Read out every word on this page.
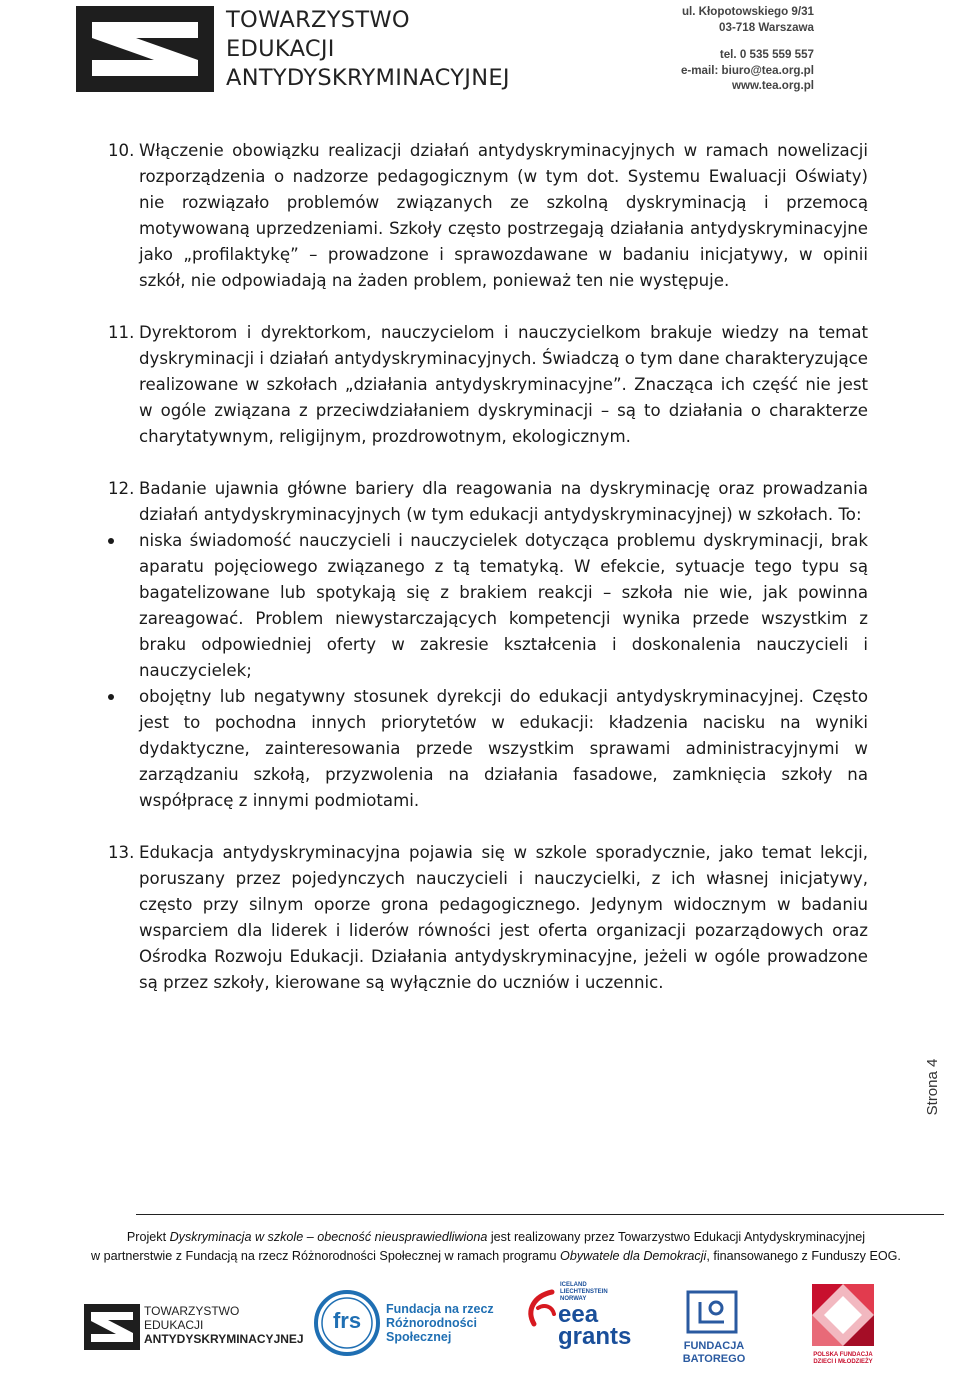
TOWARZYSTWO
EDUKACJI
ANTYDYSKRYMINACYJNEJ
ul. Kłopotowskiego 9/31
03-718 Warszawa
tel. 0 535 559 557
e-mail: biuro@tea.org.pl
www.tea.org.pl
10. Włączenie obowiązku realizacji działań antydyskryminacyjnych w ramach nowelizacji rozporządzenia o nadzorze pedagogicznym (w tym dot. Systemu Ewaluacji Oświaty) nie rozwiązało problemów związanych ze szkolną dyskryminacją i przemocą motywowaną uprzedzeniami. Szkoły często postrzegają działania antydyskryminacyjne jako „profilaktykę” – prowadzone i sprawozdawane w badaniu inicjatywy, w opinii szkół, nie odpowiadają na żaden problem, ponieważ ten nie występuje.

11. Dyrektorom i dyrektorkom, nauczycielom i nauczycielkom brakuje wiedzy na temat dyskryminacji i działań antydyskryminacyjnych. Świadczą o tym dane charakteryzujące realizowane w szkołach „działania antydyskryminacyjne”. Znacząca ich część nie jest w ogóle związana z przeciwdziałaniem dyskryminacji – są to działania o charakterze charytatywnym, religijnym, prozdrowotnym, ekologicznym.

12. Badanie ujawnia główne bariery dla reagowania na dyskryminację oraz prowadzania działań antydyskryminacyjnych (w tym edukacji antydyskryminacyjnej) w szkołach. To:

niska świadomość nauczycieli i nauczycielek dotycząca problemu dyskryminacji, brak aparatu pojęciowego związanego z tą tematyką. W efekcie, sytuacje tego typu są bagatelizowane lub spotykają się z brakiem reakcji – szkoła nie wie, jak powinna zareagować. Problem niewystarczających kompetencji wynika przede wszystkim z braku odpowiedniej oferty w zakresie kształcenia i doskonalenia nauczycieli i nauczycielek;
obojętny lub negatywny stosunek dyrekcji do edukacji antydyskryminacyjnej. Często jest to pochodna innych priorytetów w edukacji: kładzenia nacisku na wyniki dydaktyczne, zainteresowania przede wszystkim sprawami administracyjnymi w zarządzaniu szkołą, przyzwolenia na działania fasadowe, zamknięcia szkoły na współpracę z innymi podmiotami.
13. Edukacja antydyskryminacyjna pojawia się w szkole sporadycznie, jako temat lekcji, poruszany przez pojedynczych nauczycieli i nauczycielki, z ich własnej inicjatywy, często przy silnym oporze grona pedagogicznego. Jedynym widocznym w badaniu wsparciem dla liderek i liderów równości jest oferta organizacji pozarządowych oraz Ośrodka Rozwoju Edukacji. Działania antydyskryminacyjne, jeżeli w ogóle prowadzone są przez szkoły, kierowane są wyłącznie do uczniów i uczennic.

Strona 4
Projekt Dyskryminacja w szkole – obecność nieusprawiedliwiona jest realizowany przez Towarzystwo Edukacji Antydyskryminacyjnej
w partnerstwie z Fundacją na rzecz Różnorodności Społecznej w ramach programu Obywatele dla Demokracji, finansowanego z Funduszy EOG.
TOWARZYSTWO
EDUKACJI
ANTYDYSKRYMINACYJNEJ
frs	Fundacja na rzecz
Różnorodności
Społecznej
ICELAND
LIECHTENSTEIN
NORWAY
eea
grants	FUNDACJA
BATOREGO	POLSKA FUNDACJA
DZIECI I MŁODZIEŻY
